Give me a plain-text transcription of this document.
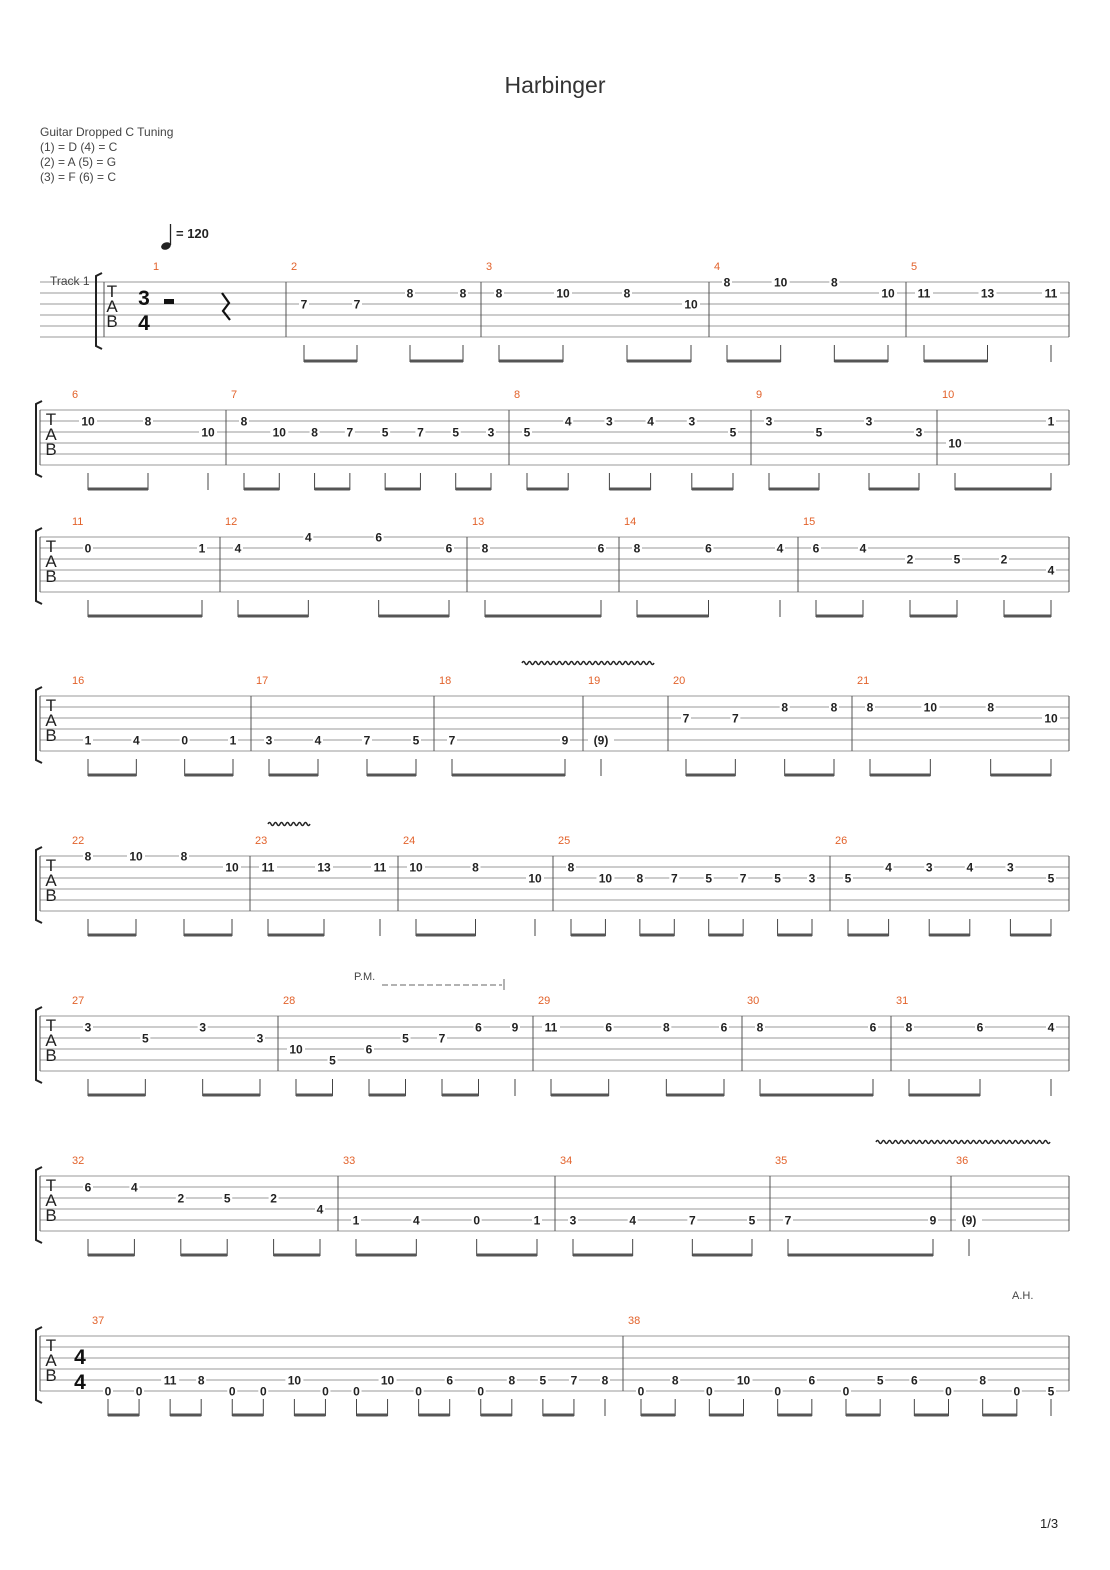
Harbinger
Guitar Dropped C Tuning
(1) = D (4) = C
(2) = A (5) = G
(3) = F (6) = C
1/3
T
A
B
1	2
7	7
8	8
3
8	10	8
10
4
8	10	8
10
5
11	13	11
T
A
B
6
10	8
10
7
8
10 8 7 5 7 5 3
8
5
4	3	4	3
5
9
3
5
3
3
10
10
1
T
A
B
11
0	1
12
4
4	6
6
13
8	6
14
8	6	4
15
6	4
2	5	2
4
T
A
B
16
1	4	0	1
17
3	4	7	5
18
7	9
19
(9)
20
7	7
8	8
21
8	10	8
10
T
A
B
22
8	10	8
10
23
11	13	11
24
10	8
10
25
8
10 8 7 5 7 5 3
26
5
4	3	4	3
5
T
A
B
27
3
5
3
3
28
10
5
6
5 7
6 9
29
11	6	8	6
30
8	6
31
8	6	4
T
A
B
32
6	4
2	5	2
4
33
1	4	0	1
34
3	4	7	5
35
7	9
36
(9)
T
A
B
37
0 0
11 8
0 0
10
0 0
10
0
6
0
8 5 7 8
38
0
8
0
10
0
6
0
5 6
0
8
0 5
= 120
Track 1
3
4
4
4
P.M.
A.H.
